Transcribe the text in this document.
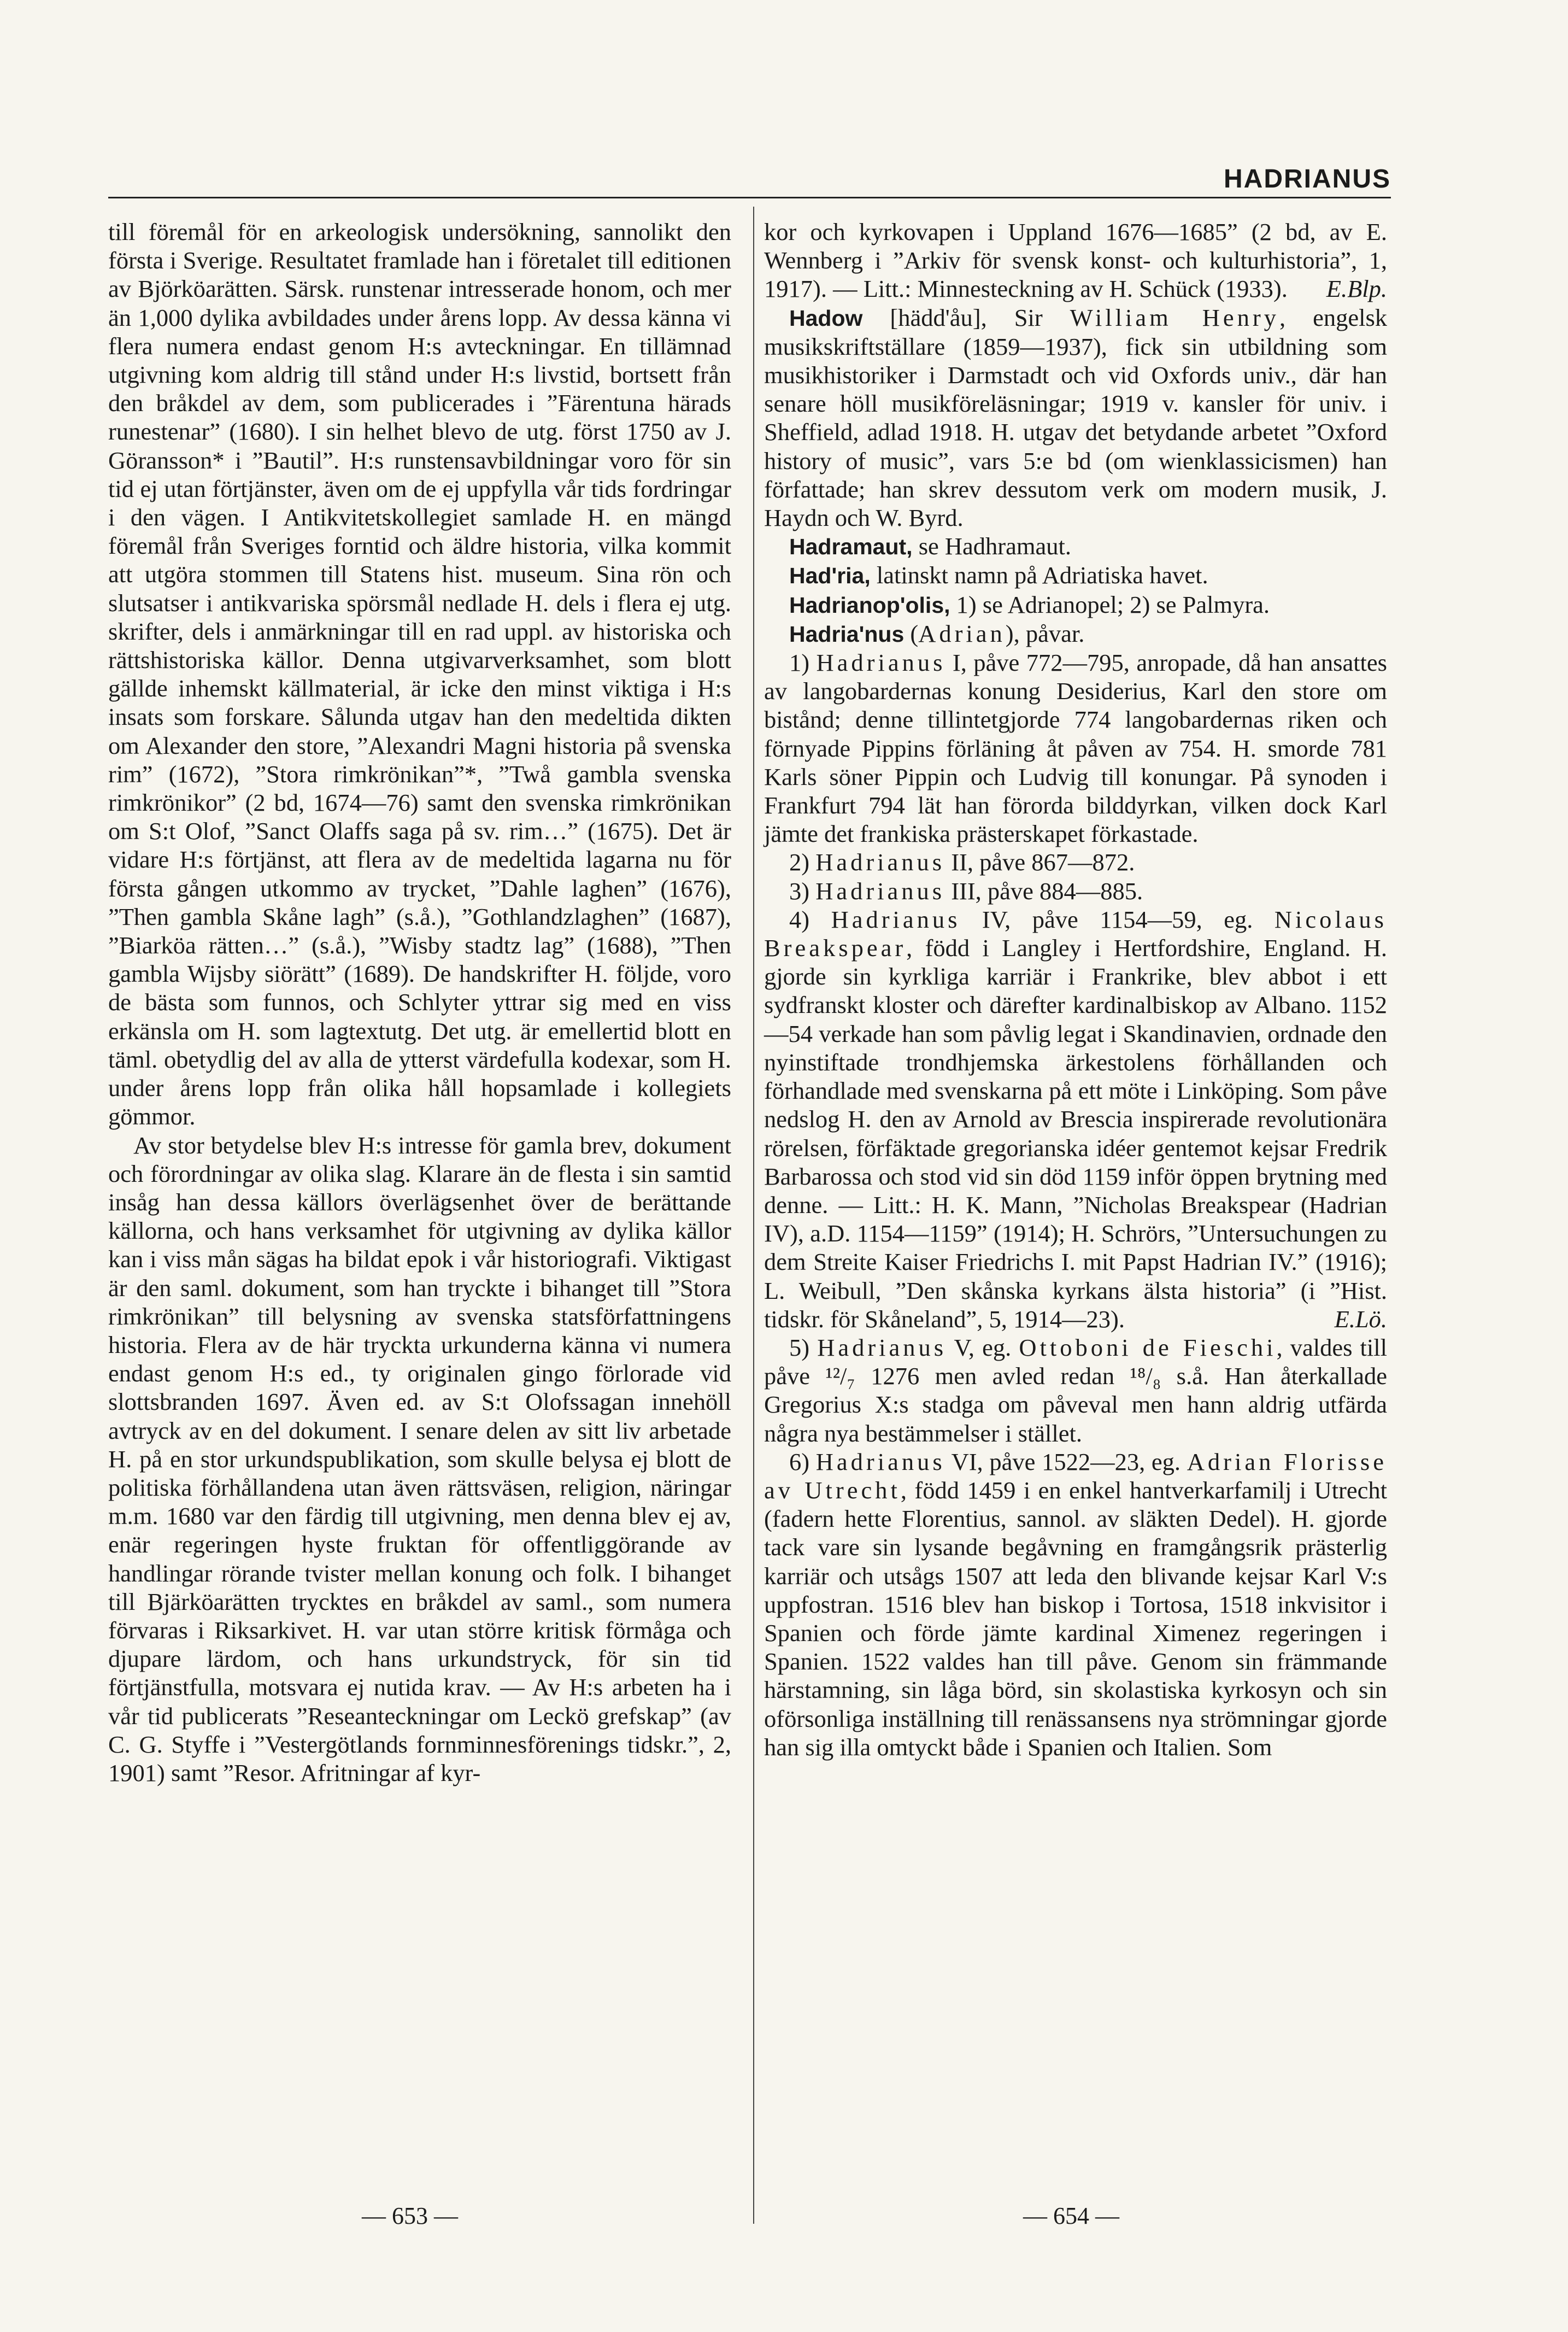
HADRIANUS

till föremål för en arkeologisk undersökning, sannolikt den första i Sverige. Resultatet framlade han i företalet till editionen av Björköarätten. Särsk. runstenar intresserade honom, och mer än 1,000 dylika avbildades under årens lopp. Av dessa känna vi flera numera endast genom H:s avteckningar. En tillämnad utgivning kom aldrig till stånd under H:s livstid, bortsett från den bråkdel av dem, som publicerades i ”Färentuna härads runestenar” (1680). I sin helhet blevo de utg. först 1750 av J. Göransson* i ”Bautil”. H:s runstensavbildningar voro för sin tid ej utan förtjänster, även om de ej uppfylla vår tids fordringar i den vägen. I Antikvitetskollegiet samlade H. en mängd föremål från Sveriges forntid och äldre historia, vilka kommit att utgöra stommen till Statens hist. museum. Sina rön och slutsatser i antikvariska spörsmål nedlade H. dels i flera ej utg. skrifter, dels i anmärkningar till en rad uppl. av historiska och rättshistoriska källor. Denna utgivarverksamhet, som blott gällde inhemskt källmaterial, är icke den minst viktiga i H:s insats som forskare. Sålunda utgav han den medeltida dikten om Alexander den store, ”Alexandri Magni historia på svenska rim” (1672), ”Stora rimkrönikan”*, ”Twå gambla svenska rimkrönikor” (2 bd, 1674—76) samt den svenska rimkrönikan om S:t Olof, ”Sanct Olaffs saga på sv. rim…” (1675). Det är vidare H:s förtjänst, att flera av de medeltida lagarna nu för första gången utkommo av trycket, ”Dahle laghen” (1676), ”Then gambla Skåne lagh” (s.å.), ”Gothlandzlaghen” (1687), ”Biarköa rätten…” (s.å.), ”Wisby stadtz lag” (1688), ”Then gambla Wijsby siörätt” (1689). De handskrifter H. följde, voro de bästa som funnos, och Schlyter yttrar sig med en viss erkänsla om H. som lagtextutg. Det utg. är emellertid blott en täml. obetydlig del av alla de ytterst värdefulla kodexar, som H. under årens lopp från olika håll hopsamlade i kollegiets gömmor.

Av stor betydelse blev H:s intresse för gamla brev, dokument och förordningar av olika slag. Klarare än de flesta i sin samtid insåg han dessa källors överlägsenhet över de berättande källorna, och hans verksamhet för utgivning av dylika källor kan i viss mån sägas ha bildat epok i vår historiografi. Viktigast är den saml. dokument, som han tryckte i bihanget till ”Stora rimkrönikan” till belysning av svenska statsförfattningens historia. Flera av de här tryckta urkunderna känna vi numera endast genom H:s ed., ty originalen gingo förlorade vid slottsbranden 1697. Även ed. av S:t Olofssagan innehöll avtryck av en del dokument. I senare delen av sitt liv arbetade H. på en stor urkundspublikation, som skulle belysa ej blott de politiska förhållandena utan även rättsväsen, religion, näringar m.m. 1680 var den färdig till utgivning, men denna blev ej av, enär regeringen hyste fruktan för offentliggörande av handlingar rörande tvister mellan konung och folk. I bihanget till Bjärköarätten trycktes en bråkdel av saml., som numera förvaras i Riksarkivet. H. var utan större kritisk förmåga och djupare lärdom, och hans urkundstryck, för sin tid förtjänstfulla, motsvara ej nutida krav. — Av H:s arbeten ha i vår tid publicerats ”Reseanteckningar om Leckö grefskap” (av C. G. Styffe i ”Vestergötlands fornminnesförenings tidskr.”, 2, 1901) samt ”Resor. Afritningar af kyr-

kor och kyrkovapen i Uppland 1676—1685” (2 bd, av E. Wennberg i ”Arkiv för svensk konst- och kulturhistoria”, 1, 1917). — Litt.: Minnesteckning av H. Schück (1933). E.Blp.

Hadow [hädd'åu], Sir William Henry, engelsk musikskriftställare (1859—1937), fick sin utbildning som musikhistoriker i Darmstadt och vid Oxfords univ., där han senare höll musikföreläsningar; 1919 v. kansler för univ. i Sheffield, adlad 1918. H. utgav det betydande arbetet ”Oxford history of music”, vars 5:e bd (om wienklassicismen) han författade; han skrev dessutom verk om modern musik, J. Haydn och W. Byrd.

Hadramaut, se Hadhramaut.

Had'ria, latinskt namn på Adriatiska havet.

Hadrianop'olis, 1) se Adrianopel; 2) se Palmyra.

Hadria'nus (Adrian), påvar.

1) Hadrianus I, påve 772—795, anropade, då han ansattes av langobardernas konung Desiderius, Karl den store om bistånd; denne tillintetgjorde 774 langobardernas riken och förnyade Pippins förläning åt påven av 754. H. smorde 781 Karls söner Pippin och Ludvig till konungar. På synoden i Frankfurt 794 lät han förorda bilddyrkan, vilken dock Karl jämte det frankiska prästerskapet förkastade.

2) Hadrianus II, påve 867—872.

3) Hadrianus III, påve 884—885.

4) Hadrianus IV, påve 1154—59, eg. Nicolaus Breakspear, född i Langley i Hertfordshire, England. H. gjorde sin kyrkliga karriär i Frankrike, blev abbot i ett sydfranskt kloster och därefter kardinalbiskop av Albano. 1152—54 verkade han som påvlig legat i Skandinavien, ordnade den nyinstiftade trondhjemska ärkestolens förhållanden och förhandlade med svenskarna på ett möte i Linköping. Som påve nedslog H. den av Arnold av Brescia inspirerade revolutionära rörelsen, förfäktade gregorianska idéer gentemot kejsar Fredrik Barbarossa och stod vid sin död 1159 inför öppen brytning med denne. — Litt.: H. K. Mann, ”Nicholas Breakspear (Hadrian IV), a.D. 1154—1159” (1914); H. Schrörs, ”Untersuchungen zu dem Streite Kaiser Friedrichs I. mit Papst Hadrian IV.” (1916); L. Weibull, ”Den skånska kyrkans älsta historia” (i ”Hist. tidskr. för Skåneland”, 5, 1914—23).	E.Lö.

5) Hadrianus V, eg. Ottoboni de Fieschi, valdes till påve ¹²/₇ 1276 men avled redan ¹⁸/₈ s.å. Han återkallade Gregorius X:s stadga om påveval men hann aldrig utfärda några nya bestämmelser i stället.

6) Hadrianus VI, påve 1522—23, eg. Adrian Florisse av Utrecht, född 1459 i en enkel hantverkarfamilj i Utrecht (fadern hette Florentius, sannol. av släkten Dedel). H. gjorde tack vare sin lysande begåvning en framgångsrik prästerlig karriär och utsågs 1507 att leda den blivande kejsar Karl V:s uppfostran. 1516 blev han biskop i Tortosa, 1518 inkvisitor i Spanien och förde jämte kardinal Ximenez regeringen i Spanien. 1522 valdes han till påve. Genom sin främmande härstamning, sin låga börd, sin skolastiska kyrkosyn och sin oförsonliga inställning till renässansens nya strömningar gjorde han sig illa omtyckt både i Spanien och Italien. Som

— 653 —	— 654 —
